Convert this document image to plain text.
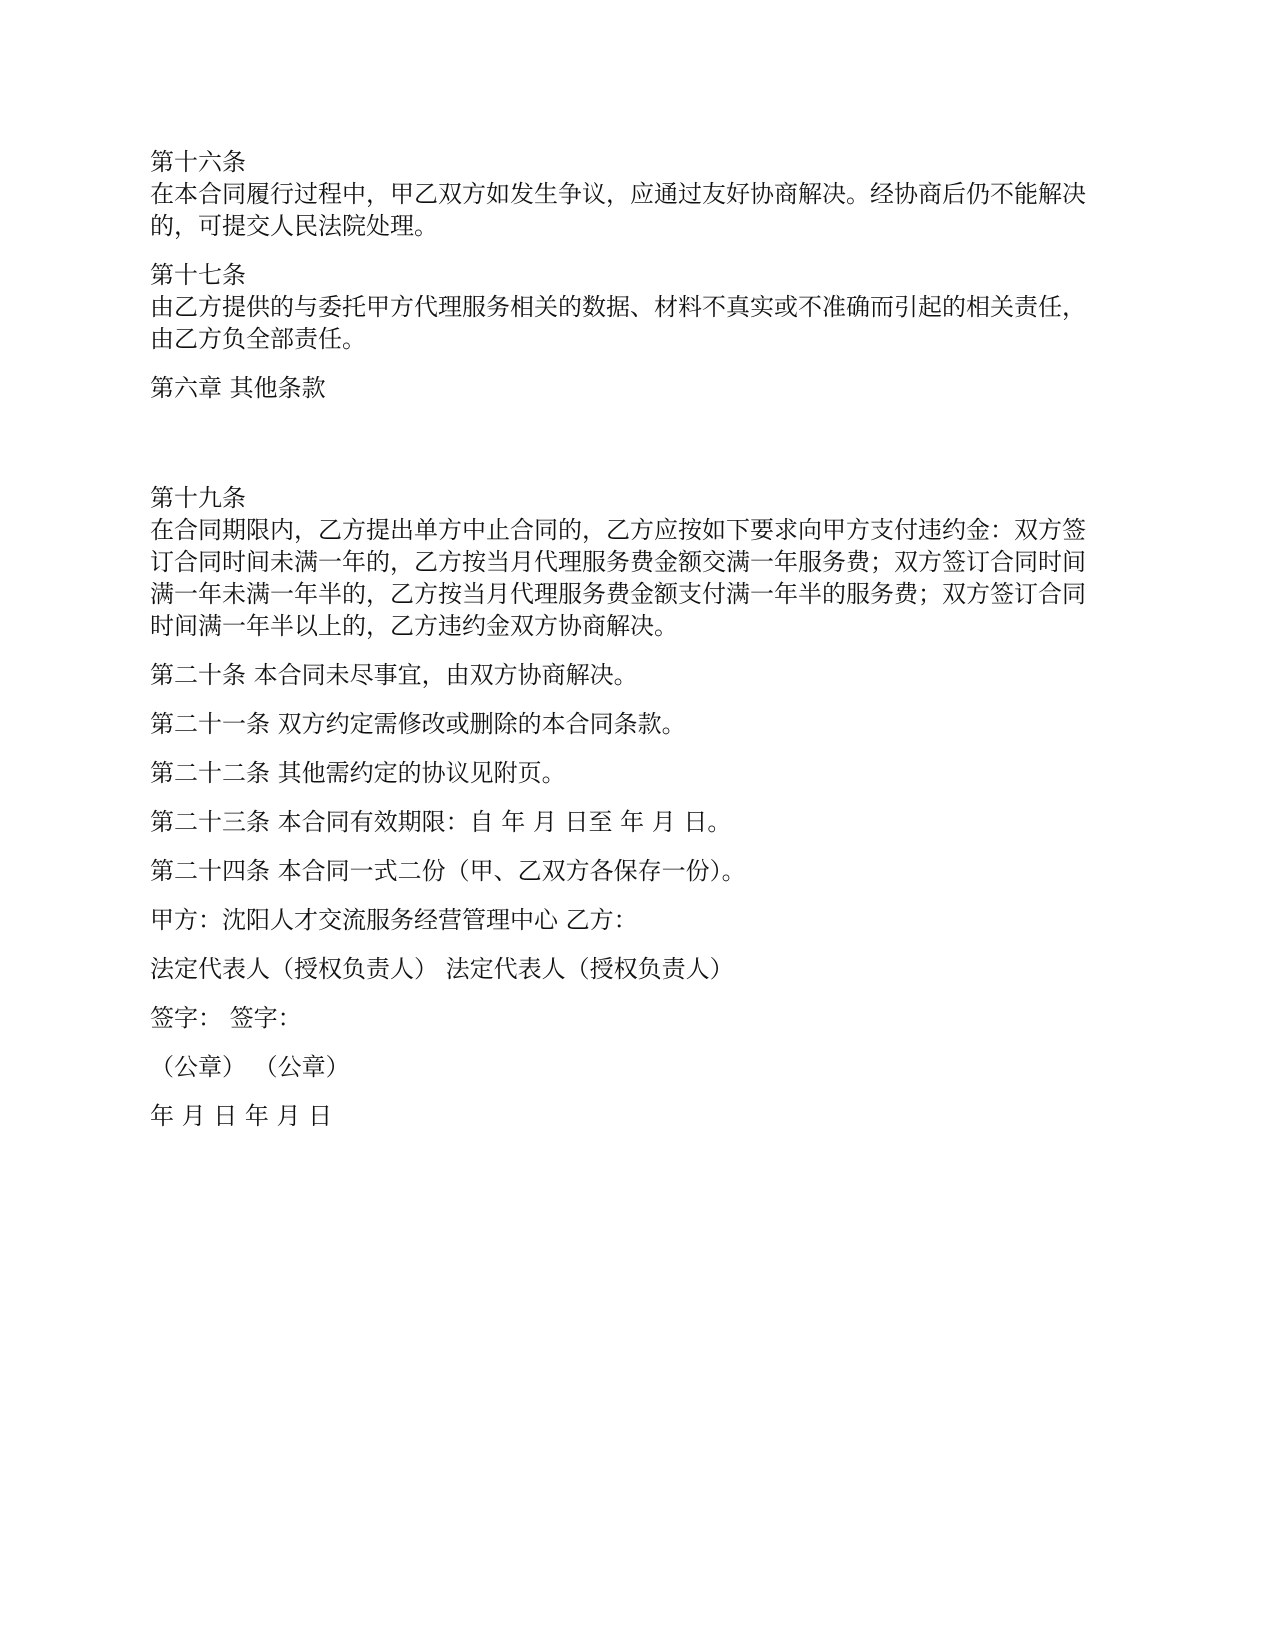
第十六条
在本合同履行过程中，甲乙双方如发生争议，应通过友好协商解决。经协商后仍不能解决
的，可提交人民法院处理。
第十七条
由乙方提供的与委托甲方代理服务相关的数据、材料不真实或不准确而引起的相关责任，
由乙方负全部责任。
第六章 其他条款
第十九条
在合同期限内，乙方提出单方中止合同的，乙方应按如下要求向甲方支付违约金：双方签
订合同时间未满一年的，乙方按当月代理服务费金额交满一年服务费；双方签订合同时间
满一年未满一年半的，乙方按当月代理服务费金额支付满一年半的服务费；双方签订合同
时间满一年半以上的，乙方违约金双方协商解决。
第二十条 本合同未尽事宜，由双方协商解决。
第二十一条 双方约定需修改或删除的本合同条款。
第二十二条 其他需约定的协议见附页。
第二十三条 本合同有效期限：自 年 月 日至 年 月 日。
第二十四条 本合同一式二份（甲、乙双方各保存一份）。
甲方：沈阳人才交流服务经营管理中心 乙方：
法定代表人（授权负责人） 法定代表人（授权负责人）
签字： 签字：
（公章） （公章）
年 月 日 年 月 日
